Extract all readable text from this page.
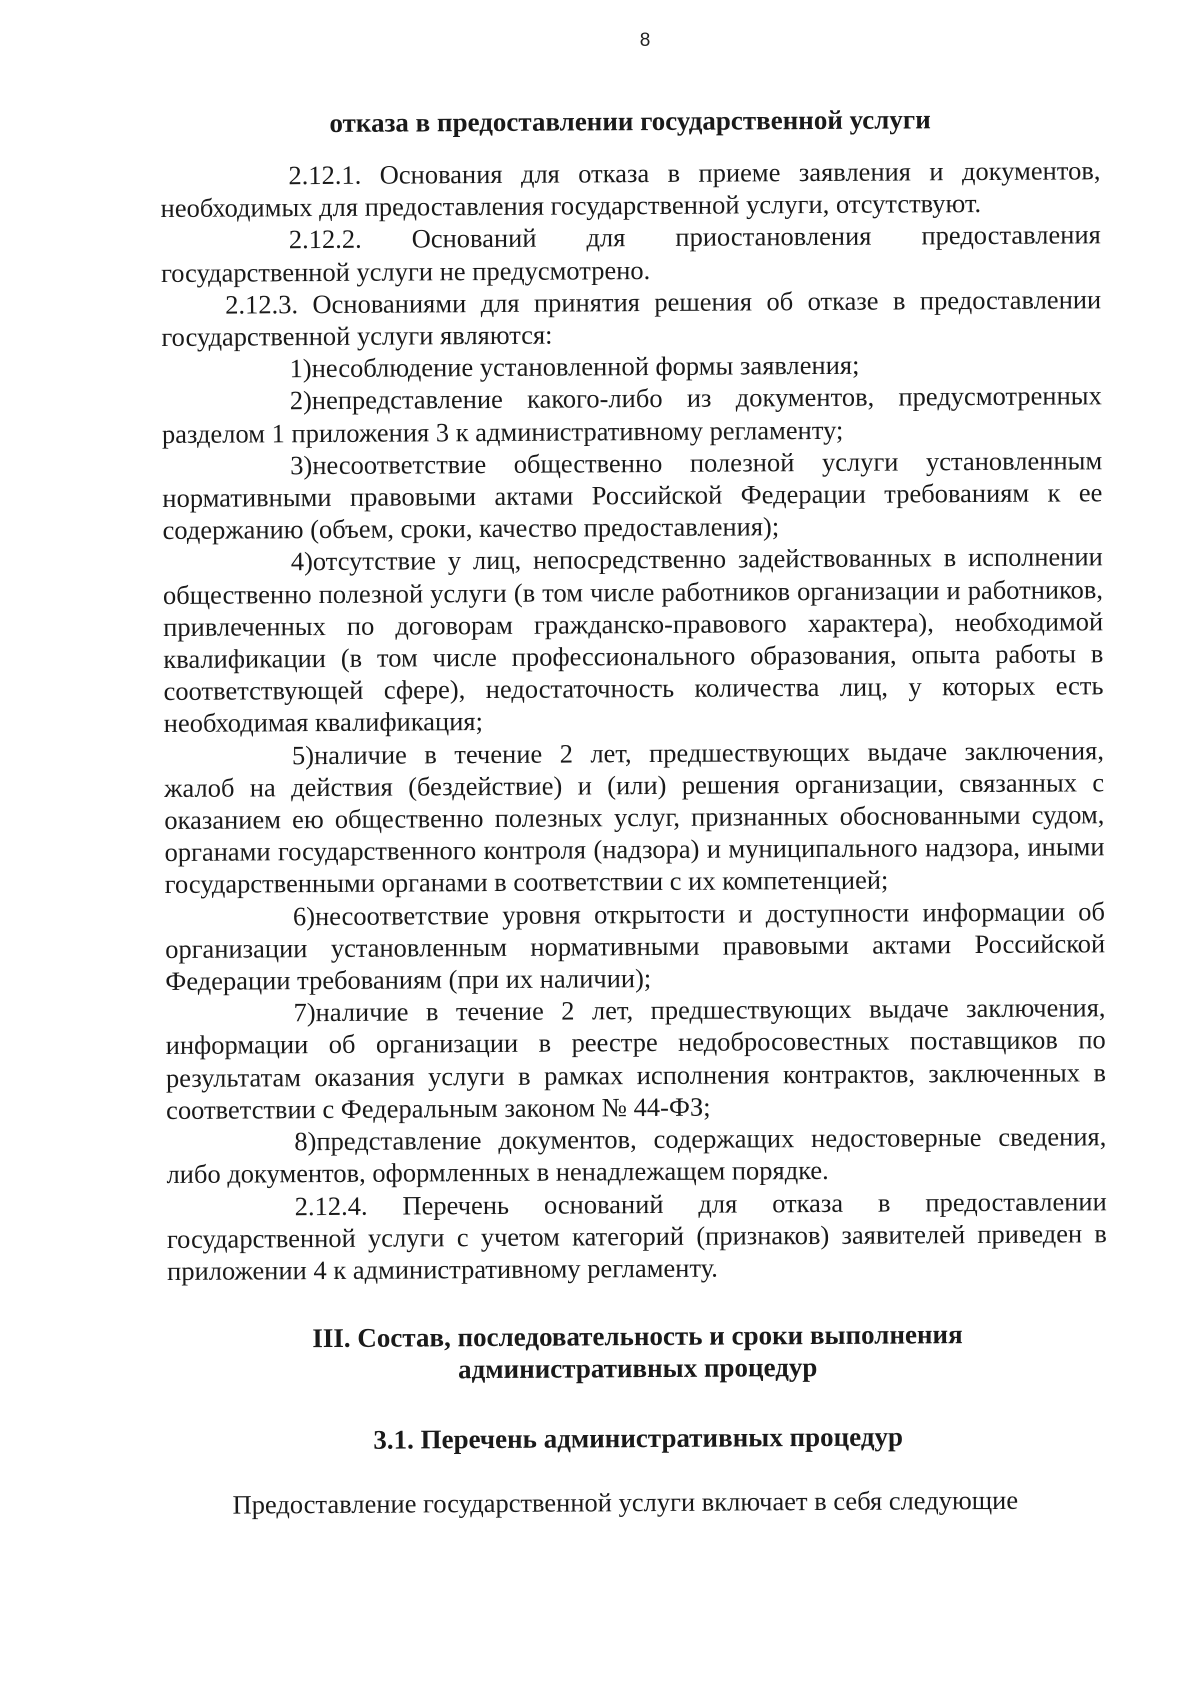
8
отказа в предоставлении государственной услуги

2.12.1. Основания для отказа в приеме заявления и документов, необходимых для предоставления государственной услуги, отсутствуют.

2.12.2. Оснований для приостановления предоставления государственной услуги не предусмотрено.

2.12.3. Основаниями для принятия решения об отказе в предоставлении государственной услуги являются:

1)несоблюдение установленной формы заявления;

2)непредставление какого-либо из документов, предусмотренных разделом 1 приложения 3 к административному регламенту;

3)несоответствие общественно полезной услуги установленным нормативными правовыми актами Российской Федерации требованиям к ее содержанию (объем, сроки, качество предоставления);

4)отсутствие у лиц, непосредственно задействованных в исполнении общественно полезной услуги (в том числе работников организации и работников, привлеченных по договорам гражданско-правового характера), необходимой квалификации (в том числе профессионального образования, опыта работы в соответствующей сфере), недостаточность количества лиц, у которых есть необходимая квалификация;

5)наличие в течение 2 лет, предшествующих выдаче заключения, жалоб на действия (бездействие) и (или) решения организации, связанных с оказанием ею общественно полезных услуг, признанных обоснованными судом, органами государственного контроля (надзора) и муниципального надзора, иными государственными органами в соответствии с их компетенцией;

6)несоответствие уровня открытости и доступности информации об организации установленным нормативными правовыми актами Российской Федерации требованиям (при их наличии);

7)наличие в течение 2 лет, предшествующих выдаче заключения, информации об организации в реестре недобросовестных поставщиков по результатам оказания услуги в рамках исполнения контрактов, заключенных в соответствии с Федеральным законом № 44-ФЗ;

8)представление документов, содержащих недостоверные сведения, либо документов, оформленных в ненадлежащем порядке.

2.12.4. Перечень оснований для отказа в предоставлении государственной услуги с учетом категорий (признаков) заявителей приведен в приложении 4 к административному регламенту.

III. Состав, последовательность и сроки выполнения
административных процедур
3.1. Перечень административных процедур

Предоставление государственной услуги включает в себя следующие
